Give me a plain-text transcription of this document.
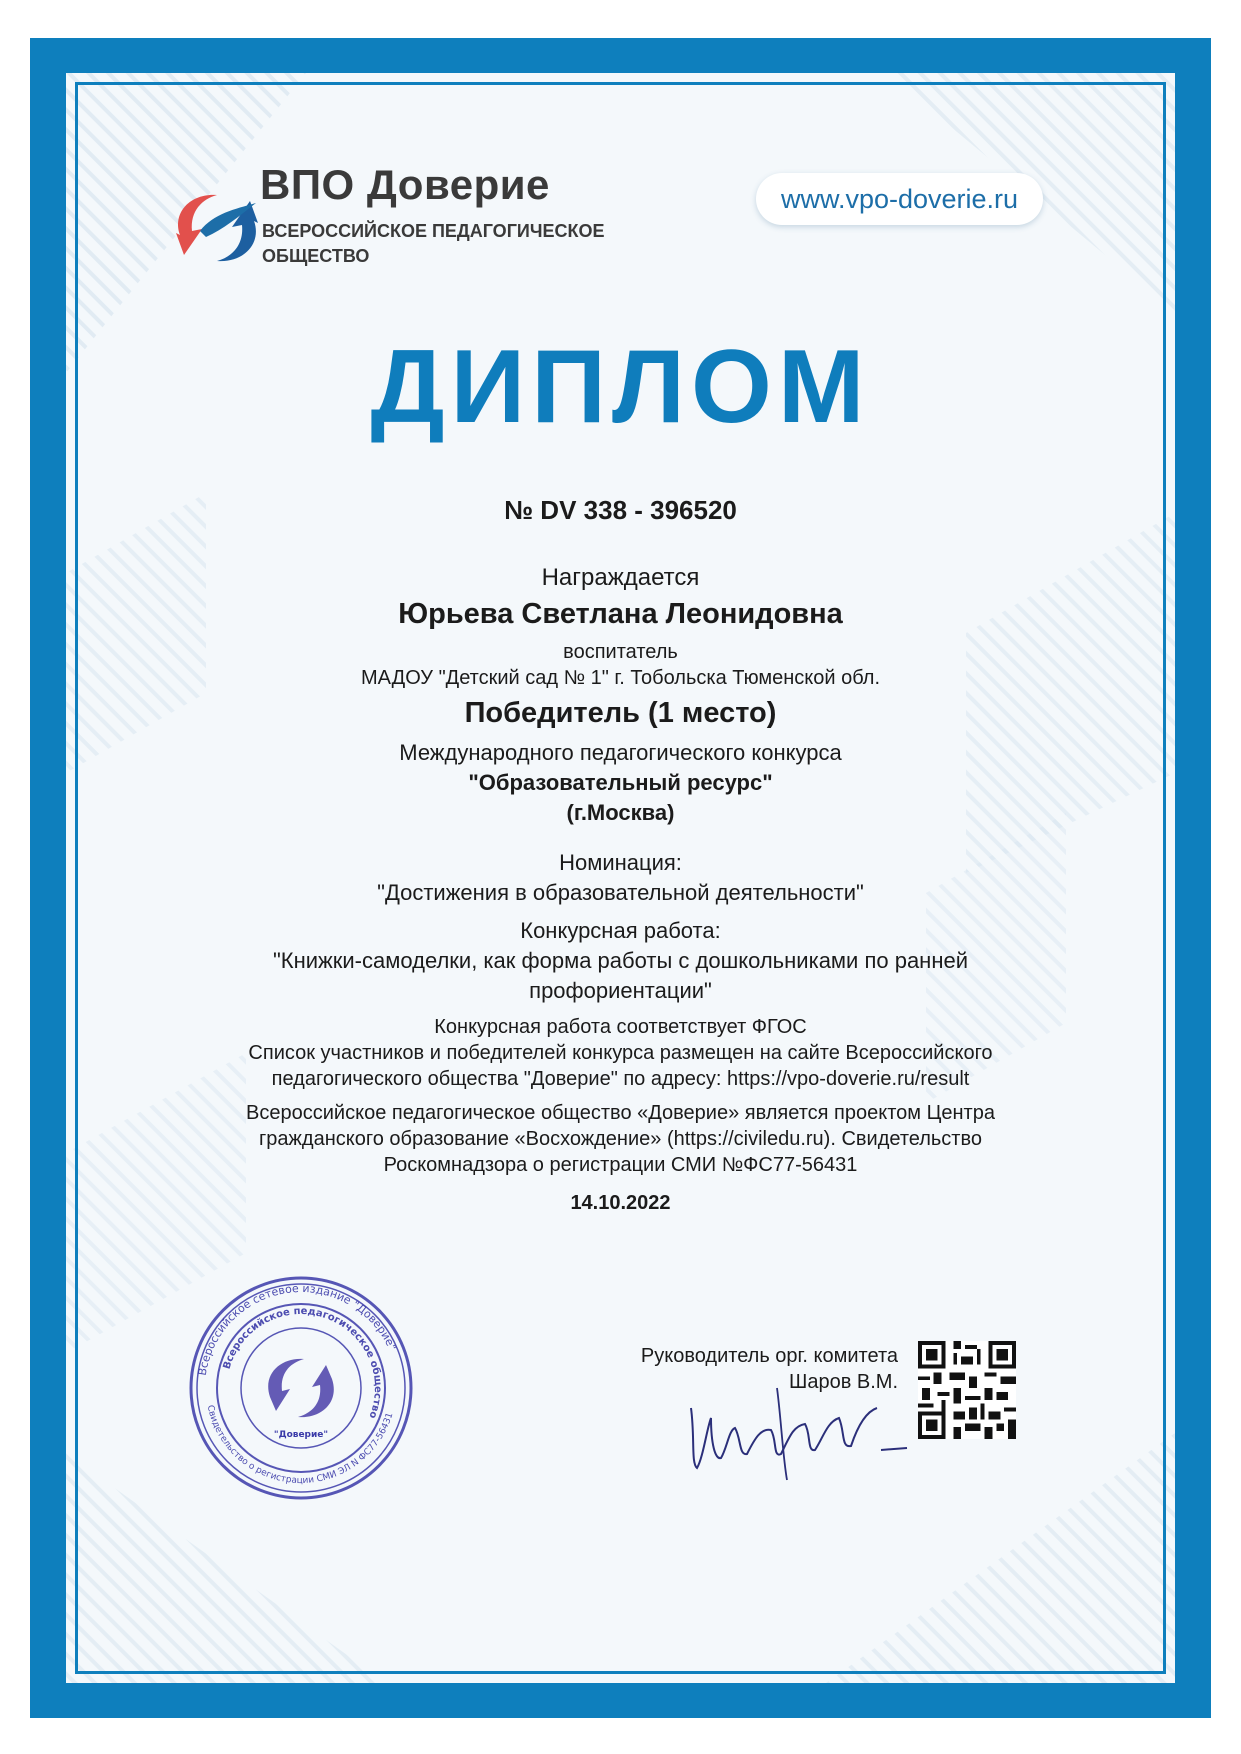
ВПО Доверие
ВСЕРОССИЙСКОЕ ПЕДАГОГИЧЕСКОЕ ОБЩЕСТВО
www.vpo-doverie.ru
ДИПЛОМ
№ DV 338 - 396520
Награждается
Юрьева Светлана Леонидовна
воспитатель
МАДОУ "Детский сад № 1" г. Тобольска Тюменской обл.
Победитель (1 место)
Международного педагогического конкурса
"Образовательный ресурс"
(г.Москва)
Номинация:
"Достижения в образовательной деятельности"
Конкурсная работа:
"Книжки-самоделки, как форма работы с дошкольниками по ранней профориентации"
Конкурсная работа соответствует ФГОС
Список участников и победителей конкурса размещен на сайте Всероссийского педагогического общества "Доверие" по адресу: https://vpo-doverie.ru/result
Всероссийское педагогическое общество «Доверие» является проектом Центра гражданского образование «Восхождение» (https://civiledu.ru). Свидетельство Роскомнадзора о регистрации СМИ №ФС77-56431
14.10.2022
Всероссийское сетевое издание "Доверие"
Всероссийское педагогическое общество
Свидетельство о регистрации СМИ ЭЛ N ФС77-56431
"Доверие"
Руководитель орг. комитета
Шаров В.М.
